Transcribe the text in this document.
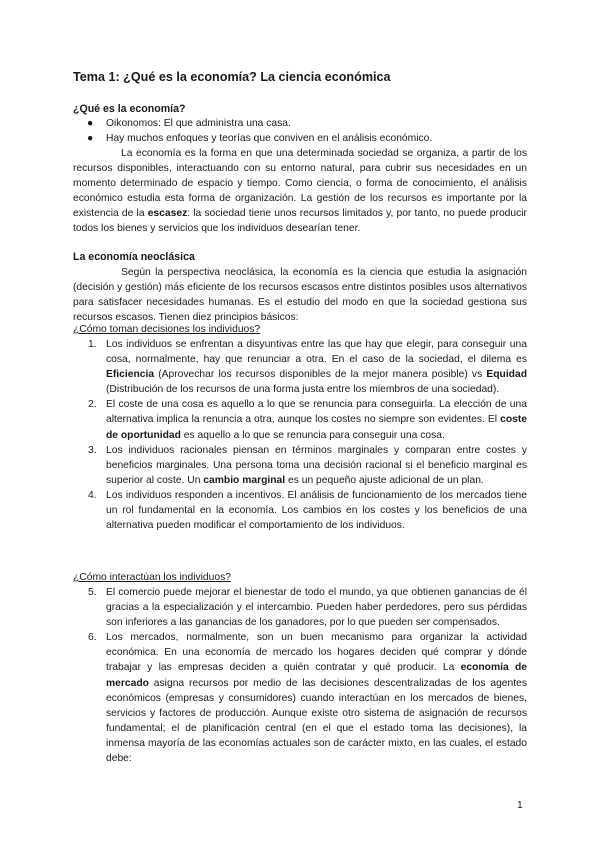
Tema 1: ¿Qué es la economía? La ciencia económica
¿Qué es la economía?
● Oikonomos: El que administra una casa.
● Hay muchos enfoques y teorías que conviven en el análisis económico.

La economía es la forma en que una determinada sociedad se organiza, a partir de los recursos disponibles, interactuando con su entorno natural, para cubrir sus necesidades en un momento determinado de espacio y tiempo. Como ciencia, o forma de conocimiento, el análisis económico estudia esta forma de organización. La gestión de los recursos es importante por la existencia de la escasez: la sociedad tiene unos recursos limitados y, por tanto, no puede producir todos los bienes y servicios que los individuos desearían tener.

La economía neoclásica

Según la perspectiva neoclásica, la economía es la ciencia que estudia la asignación (decisión y gestión) más eficiente de los recursos escasos entre distintos posibles usos alternativos para satisfacer necesidades humanas. Es el estudio del modo en que la sociedad gestiona sus recursos escasos. Tienen diez principios básicos:

¿Cómo toman decisiones los individuos?
1. Los individuos se enfrentan a disyuntivas entre las que hay que elegir, para conseguir una cosa, normalmente, hay que renunciar a otra. En el caso de la sociedad, el dilema es Eficiencia (Aprovechar los recursos disponibles de la mejor manera posible) vs Equidad (Distribución de los recursos de una forma justa entre los miembros de una sociedad).
2. El coste de una cosa es aquello a lo que se renuncia para conseguirla. La elección de una alternativa implica la renuncia a otra, aunque los costes no siempre son evidentes. El coste de oportunidad es aquello a lo que se renuncia para conseguir una cosa.
3. Los individuos racionales piensan en términos marginales y comparan entre costes y beneficios marginales. Una persona toma una decisión racional si el beneficio marginal es superior al coste. Un cambio marginal es un pequeño ajuste adicional de un plan.
4. Los individuos responden a incentivos. El análisis de funcionamiento de los mercados tiene un rol fundamental en la economía. Los cambios en los costes y los beneficios de una alternativa pueden modificar el comportamiento de los individuos.
¿Cómo interactúan los individuos?
5. El comercio puede mejorar el bienestar de todo el mundo, ya que obtienen ganancias de él gracias a la especialización y el intercambio. Pueden haber perdedores, pero sus pérdidas son inferiores a las ganancias de los ganadores, por lo que pueden ser compensados.
6. Los mercados, normalmente, son un buen mecanismo para organizar la actividad económica. En una economía de mercado los hogares deciden qué comprar y dónde trabajar y las empresas deciden a quién contratar y qué producir. La economía de mercado asigna recursos por medio de las decisiones descentralizadas de los agentes económicos (empresas y consumidores) cuando interactúan en los mercados de bienes, servicios y factores de producción. Aunque existe otro sistema de asignación de recursos fundamental; el de planificación central (en el que el estado toma las decisiones), la inmensa mayoría de las economías actuales son de carácter mixto, en las cuales, el estado debe:
1
